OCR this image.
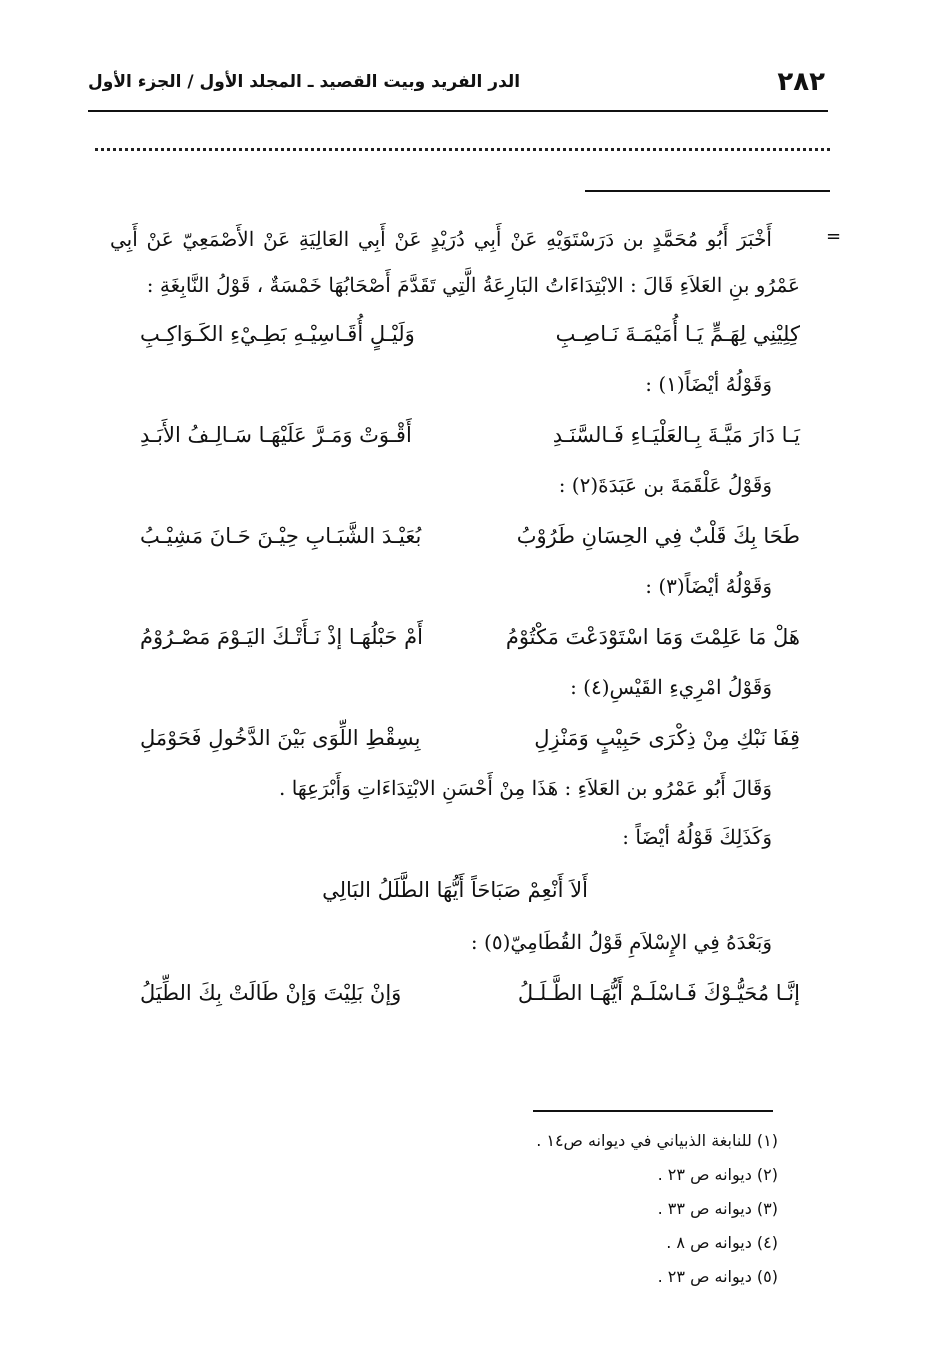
٢٨٢
الدر الفريد وبيت القصيد ـ المجلد الأول / الجزء الأول
=

أَخْبَرَ أَبُو مُحَمَّدٍ بن دَرَسْتَوَيْهِ عَنْ أَبِي دُرَيْدٍ عَنْ أَبِي العَالِيَةِ عَنْ الأَصْمَعِيّ عَنْ أَبِي عَمْرُو بنِ العَلاَءِ قَالَ : الابْتِدَاءَاتُ البَارِعَةُ الَّتِي تَقَدَّمَ أَصْحَابُهَا خَمْسَةٌ ، قَوْلُ النَّابِغَةِ :

كِلِيْنِي لِهَـمٍّ يَـا أُمَيْمَـةَ نَـاصِـبِ
وَلَيْـلٍ أُقَـاسِيْـهِ بَطِـيْءِ الكَـوَاكِـبِ
وَقَوْلُهُ أيْضَاً(١) :
يَـا دَارَ مَيَّـةَ بِـالعَلْيَـاءِ فَـالسَّنَـدِ
أَقْـوَتْ وَمَـرَّ عَلَيْهَـا سَـالِـفُ الأَبَـدِ
وَقَوْلُ عَلْقَمَةَ بن عَبَدَةَ(٢) :
طَحَا بِكَ قَلْبٌ فِي الحِسَانِ طَرُوْبُ
بُعَيْـدَ الشَّبَـابِ حِيْـنَ حَـانَ مَشِيْـبُ
وَقَوْلُهُ أيْضَاً(٣) :
هَلْ مَا عَلِمْتَ وَمَا اسْتَوْدَعْتَ مَكْتُوْمُ
أَمْ حَبْلُهَـا إذْ نَـأَتْـكَ اليَـوْمَ مَصْـرُوْمُ
وَقَوْلُ امْرِيءِ القَيْسِ(٤) :
قِفَا نَبْكِ مِنْ ذِكْرَى حَبِيْبٍ وَمَنْزِلِ
بِسِقْطِ اللِّوَى بَيْنَ الدَّخُولِ فَحَوْمَلِ
وَقَالَ أَبُو عَمْرُو بن العَلاَءِ : هَذَا مِنْ أَحْسَنِ الابْتِدَاءَاتِ وَأَبْرَعِهَا .
وَكَذَلِكَ قَوْلُهُ أيْضَاً :
أَلاَ أَنْعِمْ صَبَاحَاً أَيُّهَا الطَّلَلُ البَالِي
وَبَعْدَهُ فِي الإِسْلاَمِ قَوْلُ القُطَامِيّ(٥) :
إنَّـا مُحَيُّـوْكَ فَـاسْلَـمْ أَيُّهَـا الطَّـلَـلُ
وَإنْ بَلِيْتَ وَإنْ طَالَتْ بِكَ الطِّيَلُ
(١) للنابغة الذبياني في ديوانه ص١٤ .
(٢) ديوانه ص ٢٣ .
(٣) ديوانه ص ٣٣ .
(٤) ديوانه ص ٨ .
(٥) ديوانه ص ٢٣ .
